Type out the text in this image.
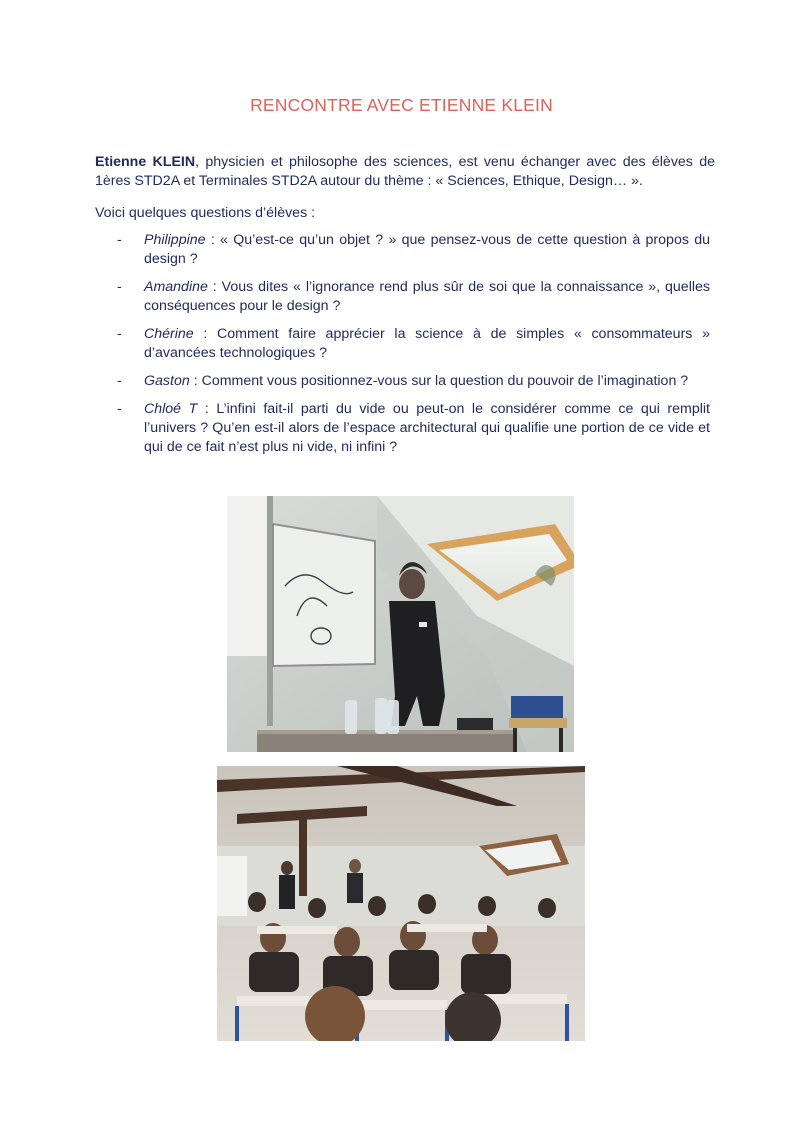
RENCONTRE AVEC ETIENNE KLEIN
Etienne KLEIN, physicien et philosophe des sciences, est venu échanger avec des élèves de 1ères STD2A et Terminales STD2A autour du thème : « Sciences, Ethique, Design… ».
Voici quelques questions d’élèves :
- Philippine : « Qu’est-ce qu’un objet ? » que pensez-vous de cette question à propos du design ?
- Amandine : Vous dites « l’ignorance rend plus sûr de soi que la connaissance », quelles conséquences pour le design ?
- Chérine : Comment faire apprécier la science à de simples « consommateurs » d’avancées technologiques ?
- Gaston : Comment vous positionnez-vous sur la question du pouvoir de l’imagination ?
- Chloé T : L’infini fait-il parti du vide ou peut-on le considérer comme ce qui remplit l’univers ? Qu’en est-il alors de l’espace architectural qui qualifie une portion de ce vide et qui de ce fait n’est plus ni vide, ni infini ?
